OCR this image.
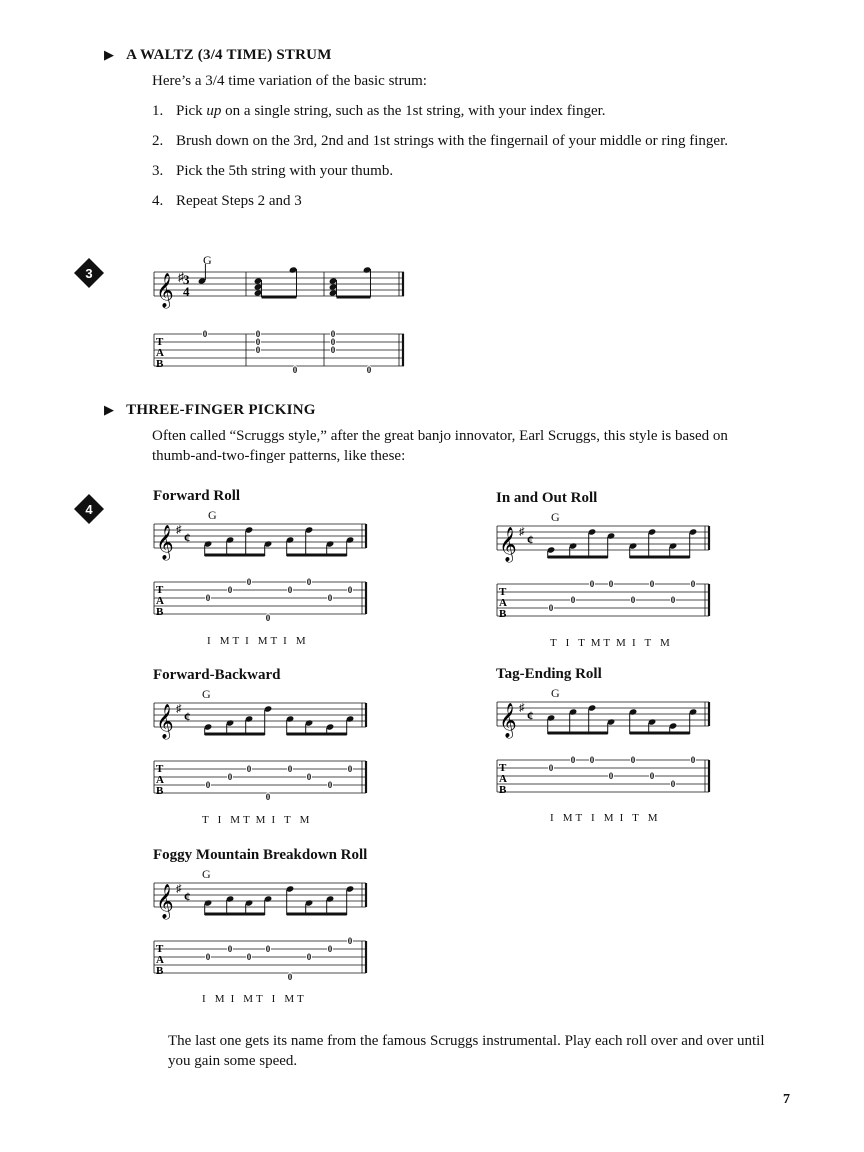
▶ A WALTZ (3/4 TIME) STRUM
Here’s a 3/4 time variation of the basic strum:
1. Pick up on a single string, such as the 1st string, with your index finger.
2. Brush down on the 3rd, 2nd and 1st strings with the fingernail of your middle or ring finger.
3. Pick the 5th string with your thumb.
4. Repeat Steps 2 and 3
3
G
𝄞 ♯ 3
4
T
A
B
0	0
0
0
0
0
0
0
0
▶ THREE-FINGER PICKING
Often called “Scruggs style,” after the great banjo innovator, Earl Scruggs, this style is based on thumb-and-two-finger patterns, like these:
4
Forward Roll
G
𝄞 ♯ ¢
T
A
B
0
0
0
0
0
0
0
0
I   M T  I   M T  I   M
In and Out Roll
G
𝄞 ♯ ¢
T
A
B	0
0
0 0
0
0
0
0
T   I   T  M T  M  I   T   M
Forward-Backward
G
𝄞 ♯ ¢
T
A
B	0
0
0
0
0
0
0
0
T   I   M T  M  I   T   M
Tag-Ending Roll
G
𝄞 ♯ ¢
T
A
B
0
0 0
0
0
0
0
0
I   M T   I   M  I   T   M
Foggy Mountain Breakdown Roll
G
𝄞 ♯ ¢
T
A
B
0
0
0
0
0
0
0
0
I   M  I   M T   I   M T
The last one gets its name from the famous Scruggs instrumental. Play each roll over and over until you gain some speed.
7
